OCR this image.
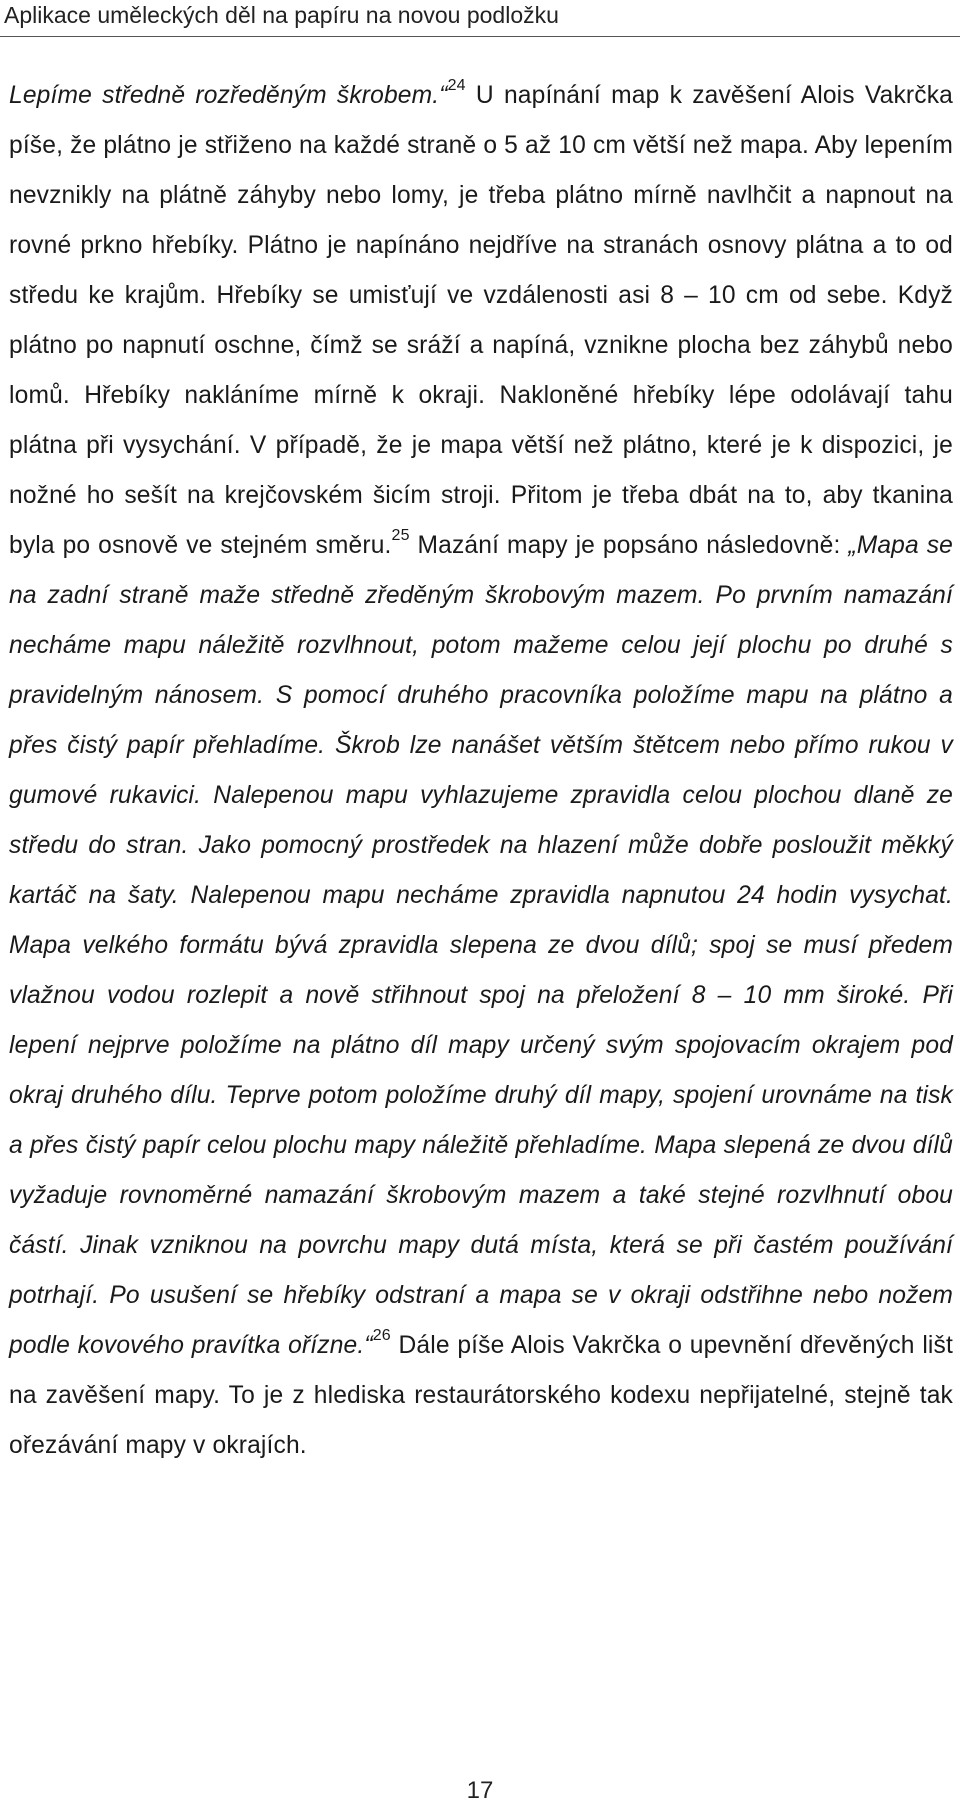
Aplikace uměleckých děl na papíru na novou podložku

Lepíme středně rozředěným škrobem.“$^{24}$ U napínání map k zavěšení Alois Vakrčka píše, že plátno je střiženo na každé straně o 5 až 10 cm větší než mapa. Aby lepením nevznikly na plátně záhyby nebo lomy, je třeba plátno mírně navlhčit a napnout na rovné prkno hřebíky. Plátno je napínáno nejdříve na stranách osnovy plátna a to od středu ke krajům. Hřebíky se umisťují ve vzdálenosti asi 8 – 10 cm od sebe. Když plátno po napnutí oschne, čímž se sráží a napíná, vznikne plocha bez záhybů nebo lomů. Hřebíky nakláníme mírně k okraji. Nakloněné hřebíky lépe odolávají tahu plátna při vysychání. V případě, že je mapa větší než plátno, které je k dispozici, je nožné ho sešít na krejčovském šicím stroji. Přitom je třeba dbát na to, aby tkanina byla po osnově ve stejném směru.$^{25}$ Mazání mapy je popsáno následovně: „Mapa se na zadní straně maže středně zředěným škrobovým mazem. Po prvním namazání necháme mapu náležitě rozvlhnout, potom mažeme celou její plochu po druhé s pravidelným nánosem. S pomocí druhého pracovníka položíme mapu na plátno a přes čistý papír přehladíme. Škrob lze nanášet větším štětcem nebo přímo rukou v gumové rukavici. Nalepenou mapu vyhlazujeme zpravidla celou plochou dlaně ze středu do stran. Jako pomocný prostředek na hlazení může dobře posloužit měkký kartáč na šaty. Nalepenou mapu necháme zpravidla napnutou 24 hodin vysychat. Mapa velkého formátu bývá zpravidla slepena ze dvou dílů; spoj se musí předem vlažnou vodou rozlepit a nově střihnout spoj na přeložení 8 – 10 mm široké. Při lepení nejprve položíme na plátno díl mapy určený svým spojovacím okrajem pod okraj druhého dílu. Teprve potom položíme druhý díl mapy, spojení urovnáme na tisk a přes čistý papír celou plochu mapy náležitě přehladíme. Mapa slepená ze dvou dílů vyžaduje rovnoměrné namazání škrobovým mazem a také stejné rozvlhnutí obou částí. Jinak vzniknou na povrchu mapy dutá místa, která se při častém používání potrhají. Po usušení se hřebíky odstraní a mapa se v okraji odstřihne nebo nožem podle kovového pravítka ořízne.“$^{26}$ Dále píše Alois Vakrčka o upevnění dřevěných lišt na zavěšení mapy. To je z hlediska restaurátorského kodexu nepřijatelné, stejně tak ořezávání mapy v okrajích.

17
